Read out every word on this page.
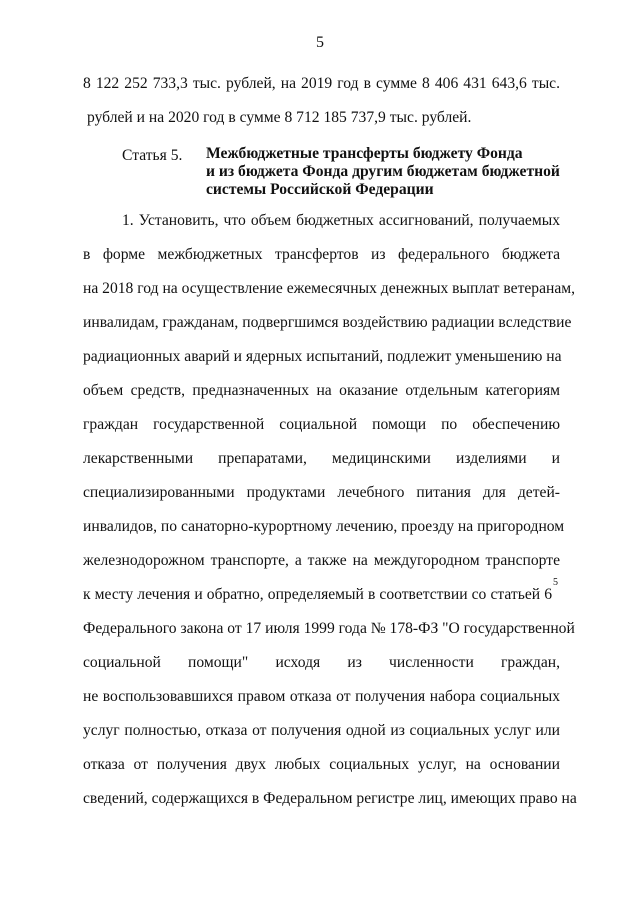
5
8 122 252 733,3 тыс. рублей, на 2019 год в сумме 8 406 431 643,6 тыс.
рублей и на 2020 год в сумме 8 712 185 737,9 тыс. рублей.
Статья 5. Межбюджетные трансферты бюджету Фонда
и из бюджета Фонда другим бюджетам бюджетной
системы Российской Федерации
1. Установить, что объем бюджетных ассигнований, получаемых
в форме межбюджетных трансфертов из федерального бюджета
на 2018 год на осуществление ежемесячных денежных выплат ветеранам,
инвалидам, гражданам, подвергшимся воздействию радиации вследствие
радиационных аварий и ядерных испытаний, подлежит уменьшению на
объем средств, предназначенных на оказание отдельным категориям
граждан государственной социальной помощи по обеспечению
лекарственными препаратами, медицинскими изделиями и
специализированными продуктами лечебного питания для детей-
инвалидов, по санаторно-курортному лечению, проезду на пригородном
железнодорожном транспорте, а также на междугородном транспорте
к месту лечения и обратно, определяемый в соответствии со статьей 6
5
Федерального закона от 17 июля 1999 года № 178-ФЗ "О государственной
социальной помощи" исходя из численности граждан,
не воспользовавшихся правом отказа от получения набора социальных
услуг полностью, отказа от получения одной из социальных услуг или
отказа от получения двух любых социальных услуг, на основании
сведений, содержащихся в Федеральном регистре лиц, имеющих право на
